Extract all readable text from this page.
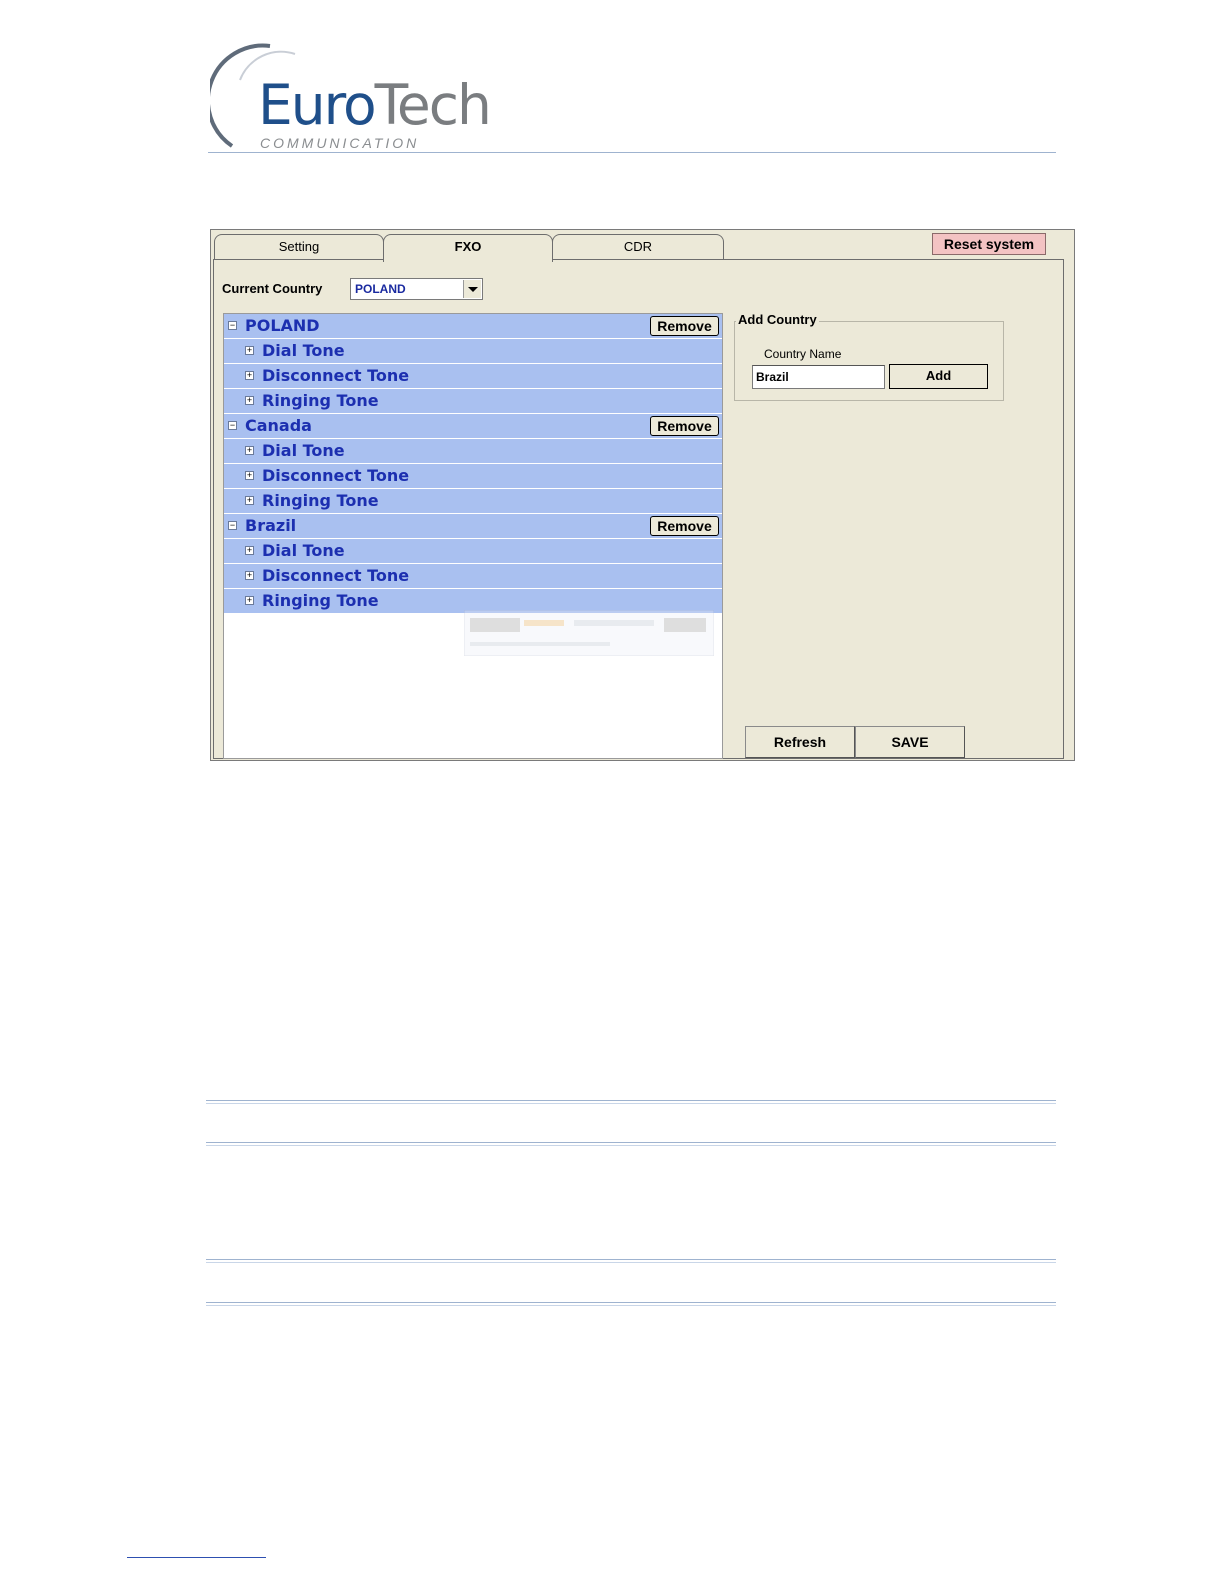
EuroTech
COMMUNICATION
Setting	FXO	CDR	Reset system
Current Country	POLAND
− POLAND	Remove
+ Dial Tone
+ Disconnect Tone
+ Ringing Tone
− Canada	Remove
+ Dial Tone
+ Disconnect Tone
+ Ringing Tone
− Brazil	Remove
+ Dial Tone
+ Disconnect Tone
+ Ringing Tone
Add Country
Country Name
Brazil
Add
Refresh	SAVE
